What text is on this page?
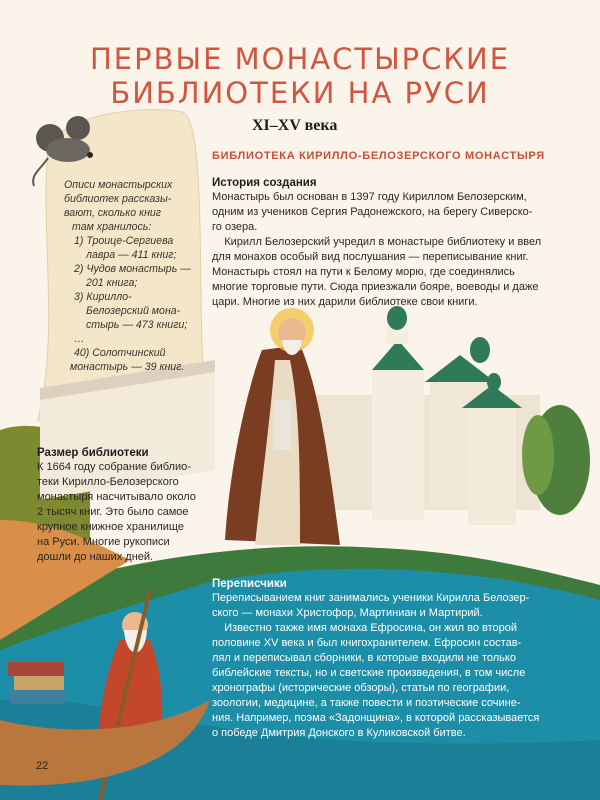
ПЕРВЫЕ МОНАСТЫРСКИЕ
БИБЛИОТЕКИ НА РУСИ
XI–XV века
БИБЛИОТЕКА КИРИЛЛО-БЕЛОЗЕРСКОГО МОНАСТЫРЯ
История создания
Монастырь был основан в 1397 году Кириллом Белозерским,
одним из учеников Сергия Радонежского, на берегу Сиверско-
го озера.
Кирилл Белозерский учредил в монастыре библиотеку и ввел
для монахов особый вид послушания — переписывание книг.
Монастырь стоял на пути к Белому морю, где соединялись
многие торговые пути. Сюда приезжали бояре, воеводы и даже
цари. Многие из них дарили библиотеке свои книги.
Описи монастырских
библиотек рассказы-
вают, сколько книг
там хранилось:
1) Троице-Сергиева
лавра — 411 книг;
2) Чудов монастырь —
201 книга;
3) Кирилло-
Белозерский мона-
стырь — 473 книги;
…
40) Солотчинский
монастырь — 39 книг.
Размер библиотеки
К 1664 году собрание библио-
теки Кирилло-Белозерского
монастыря насчитывало около
2 тысяч книг. Это было самое
крупное книжное хранилище
на Руси. Многие рукописи
дошли до наших дней.
Переписчики
Переписыванием книг занимались ученики Кирилла Белозер-
ского — монахи Христофор, Мартиниан и Мартирий.
Известно также имя монаха Ефросина, он жил во второй
половине XV века и был книгохранителем. Ефросин состав-
лял и переписывал сборники, в которые входили не только
библейские тексты, но и светские произведения, в том числе
хронографы (исторические обзоры), статьи по географии,
зоологии, медицине, а также повести и поэтические сочине-
ния. Например, поэма «Задонщина», в которой рассказывается
о победе Дмитрия Донского в Куликовской битве.
22
